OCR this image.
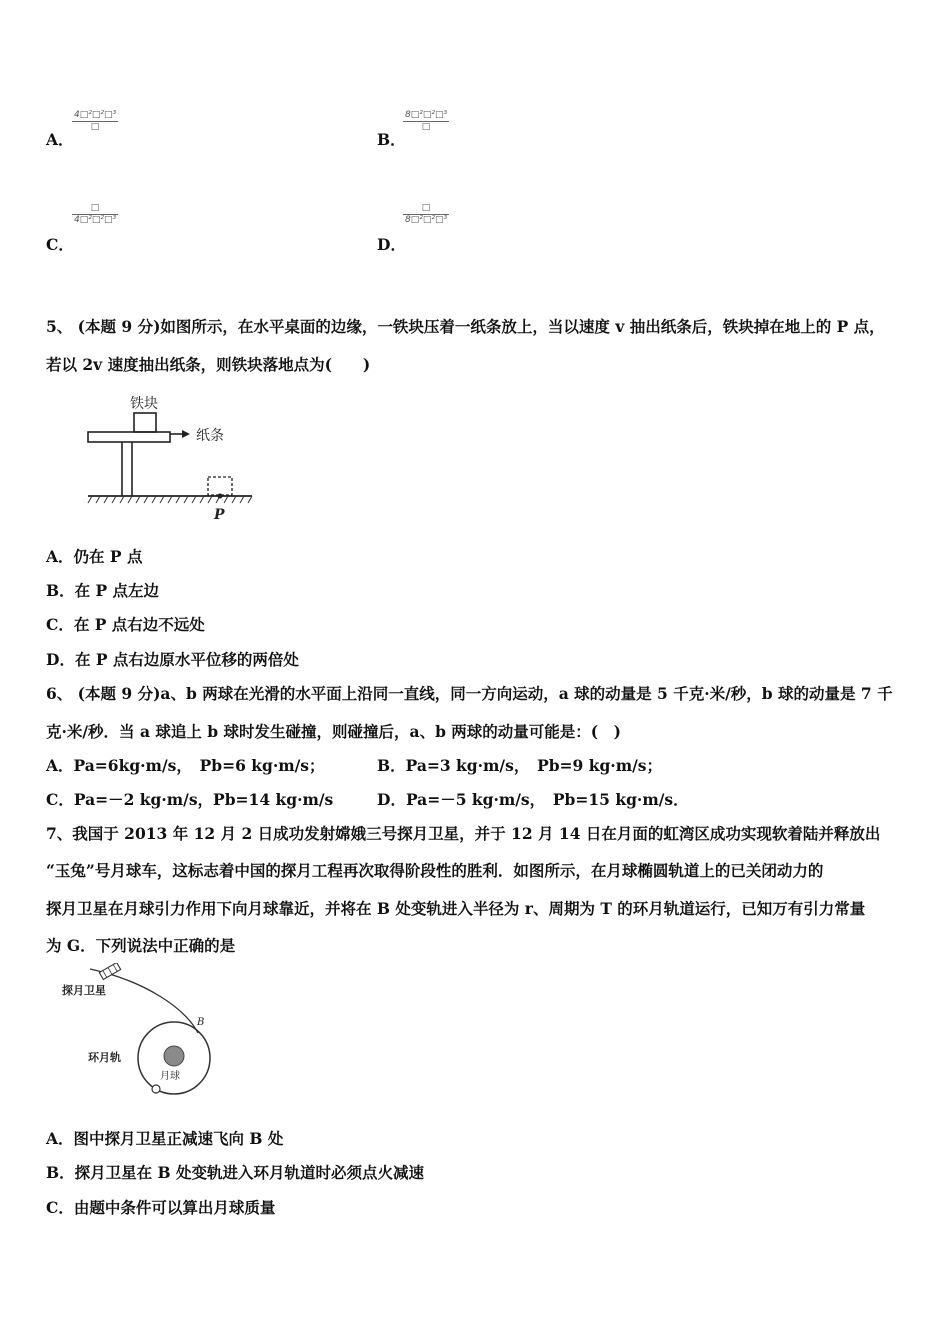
A．
4□²□²□³
□
B．
8□²□²□³
□
C．
□
4□²□²□³
D．
□
8□²□²□³
5、 (本题 9 分)如图所示，在水平桌面的边缘，一铁块压着一纸条放上，当以速度 v 抽出纸条后，铁块掉在地上的 P 点，
若以 2v 速度抽出纸条，则铁块落地点为(　　)
铁块
纸条
P
A．仍在 P 点
B．在 P 点左边
C．在 P 点右边不远处
D．在 P 点右边原水平位移的两倍处
6、 (本题 9 分)a、b 两球在光滑的水平面上沿同一直线，同一方向运动，a 球的动量是 5 千克·米/秒，b 球的动量是 7 千
克·米/秒．当 a 球追上 b 球时发生碰撞，则碰撞后，a、b 两球的动量可能是：(　)
A．Pa=6kg·m/s，　Pb=6 kg·m/s；	B．Pa=3 kg·m/s，　Pb=9 kg·m/s；
C．Pa=－2 kg·m/s，Pb=14 kg·m/s	D．Pa=－5 kg·m/s，　Pb=15 kg·m/s．
7、我国于 2013 年 12 月 2 日成功发射嫦娥三号探月卫星，并于 12 月 14 日在月面的虹湾区成功实现软着陆并释放出
“玉兔”号月球车，这标志着中国的探月工程再次取得阶段性的胜利．如图所示，在月球椭圆轨道上的已关闭动力的
探月卫星在月球引力作用下向月球靠近，并将在 B 处变轨进入半径为 r、周期为 T 的环月轨道运行，已知万有引力常量
为 G．下列说法中正确的是
探月卫星
B
环月轨
月球
A．图中探月卫星正减速飞向 B 处
B．探月卫星在 B 处变轨进入环月轨道时必须点火减速
C．由题中条件可以算出月球质量
